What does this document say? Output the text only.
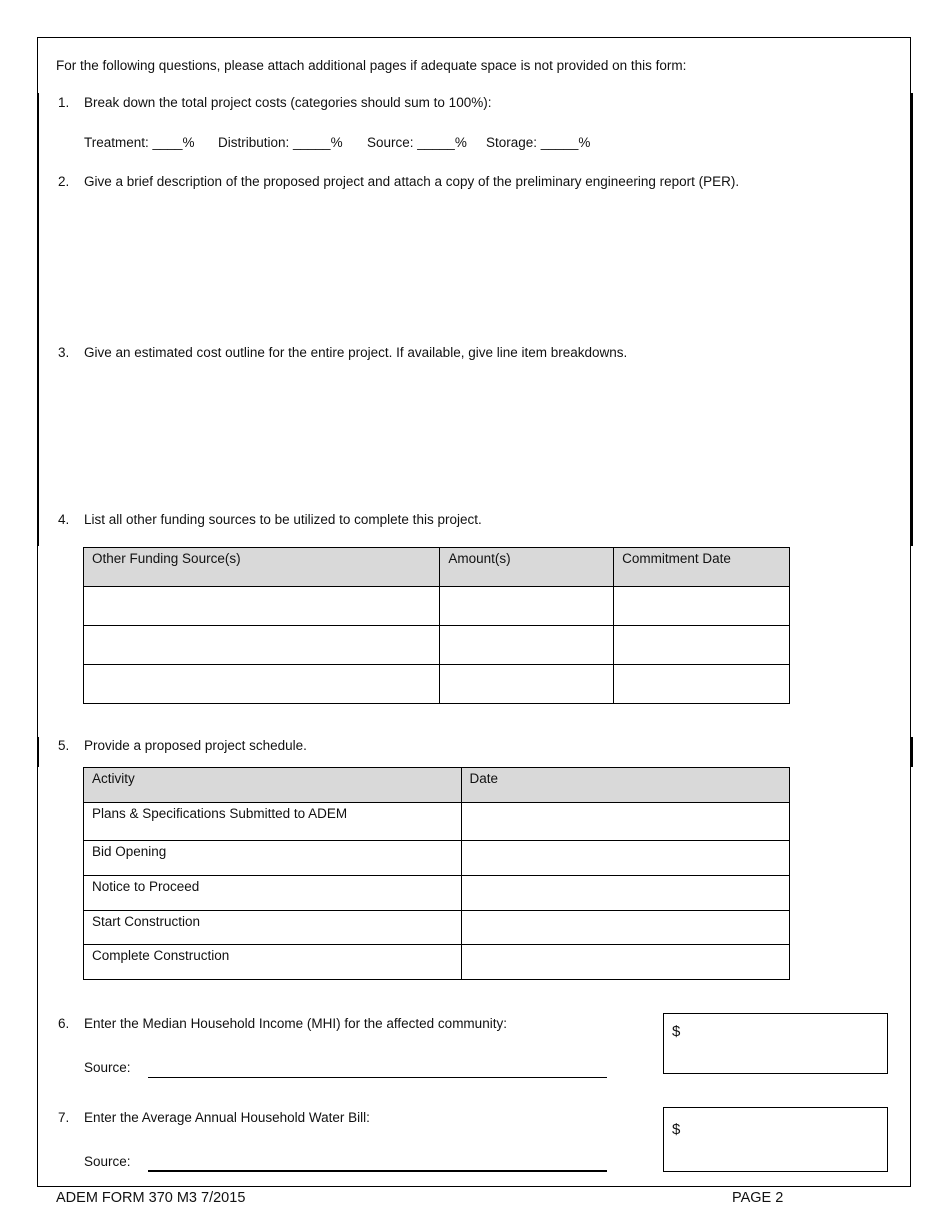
For the following questions, please attach additional pages if adequate space is not provided on this form:
1. Break down the total project costs (categories should sum to 100%):
Treatment: ____% Distribution: _____% Source: _____% Storage: _____%
2. Give a brief description of the proposed project and attach a copy of the preliminary engineering report (PER).
3. Give an estimated cost outline for the entire project. If available, give line item breakdowns.
4. List all other funding sources to be utilized to complete this project.
Other Funding Source(s)	Amount(s)	Commitment Date

5. Provide a proposed project schedule.
Activity	Date
Plans & Specifications Submitted to ADEM	
Bid Opening	
Notice to Proceed	
Start Construction	
Complete Construction	
6. Enter the Median Household Income (MHI) for the affected community:
Source:
$
7. Enter the Average Annual Household Water Bill:
Source:
$
ADEM FORM 370 M3 7/2015	PAGE 2
